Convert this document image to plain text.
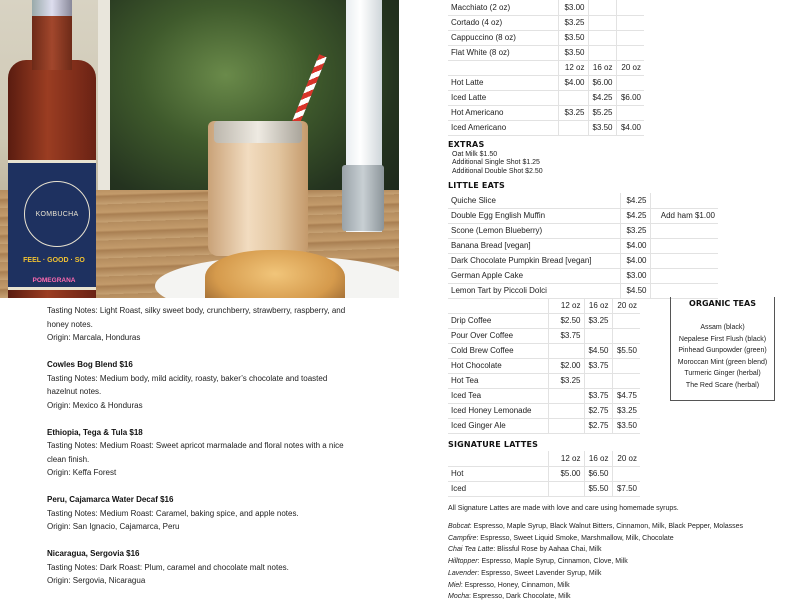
KOMBUCHA
FEEL · GOOD · SO
POMEGRANA
Tasting Notes: Light Roast, silky sweet body, crunchberry, strawberry, raspberry, and honey notes.
Origin: Marcala, Honduras
Cowles Bog Blend $16
Tasting Notes: Medium body, mild acidity, roasty, baker’s chocolate and toasted hazelnut notes.
Origin: Mexico & Honduras
Ethiopia, Tega & Tula $18
Tasting Notes: Medium Roast: Sweet apricot marmalade and floral notes with a nice clean finish.
Origin: Keffa Forest
Peru, Cajamarca Water Decaf $16
Tasting Notes: Medium Roast: Caramel, baking spice, and apple notes.
Origin: San Ignacio, Cajamarca, Peru
Nicaragua, Sergovia $16
Tasting Notes: Dark Roast: Plum, caramel and chocolate malt notes.
Origin: Sergovia, Nicaragua
Macchiato (2 oz)	$3.00		
Cortado (4 oz)	$3.25		
Cappuccino (8 oz)	$3.50		
Flat White (8 oz)	$3.50		
	12 oz	16 oz	20 oz
Hot Latte	$4.00	$6.00	
Iced Latte		$4.25	$6.00
Hot Americano	$3.25	$5.25	
Iced Americano		$3.50	$4.00
EXTRAS
Oat Milk $1.50
Additional Single Shot $1.25
Additional Double Shot $2.50
LITTLE EATS
Quiche Slice	$4.25	
Double Egg English Muffin	$4.25	Add ham $1.00
Scone (Lemon Blueberry)	$3.25	
Banana Bread [vegan]	$4.00	
Dark Chocolate Pumpkin Bread [vegan]	$4.00	
German Apple Cake	$3.00	
Lemon Tart by Piccoli Dolci	$4.50	
	12 oz	16 oz	20 oz
Drip Coffee	$2.50	$3.25	
Pour Over Coffee	$3.75		
Cold Brew Coffee		$4.50	$5.50
Hot Chocolate	$2.00	$3.75	
Hot Tea	$3.25		
Iced Tea		$3.75	$4.75
Iced Honey Lemonade		$2.75	$3.25
Iced Ginger Ale		$2.75	$3.50
ORGANIC TEAS
Assam (black)
Nepalese First Flush (black)
Pinhead Gunpowder (green)
Moroccan Mint (green blend)
Turmeric Ginger (herbal)
The Red Scare (herbal)
SIGNATURE LATTES
	12 oz	16 oz	20 oz
Hot	$5.00	$6.50	
Iced		$5.50	$7.50
All Signature Lattes are made with love and care using homemade syrups.
Bobcat: Espresso, Maple Syrup, Black Walnut Bitters, Cinnamon, Milk, Black Pepper, Molasses
Campfire: Espresso, Sweet Liquid Smoke, Marshmallow, Milk, Chocolate
Chai Tea Latte: Blissful Rose by Aahaa Chai, Milk
Hilltopper: Espresso, Maple Syrup, Cinnamon, Clove, Milk
Lavender: Espresso, Sweet Lavender Syrup, Milk
Miel: Espresso, Honey, Cinnamon, Milk
Mocha: Espresso, Dark Chocolate, Milk
